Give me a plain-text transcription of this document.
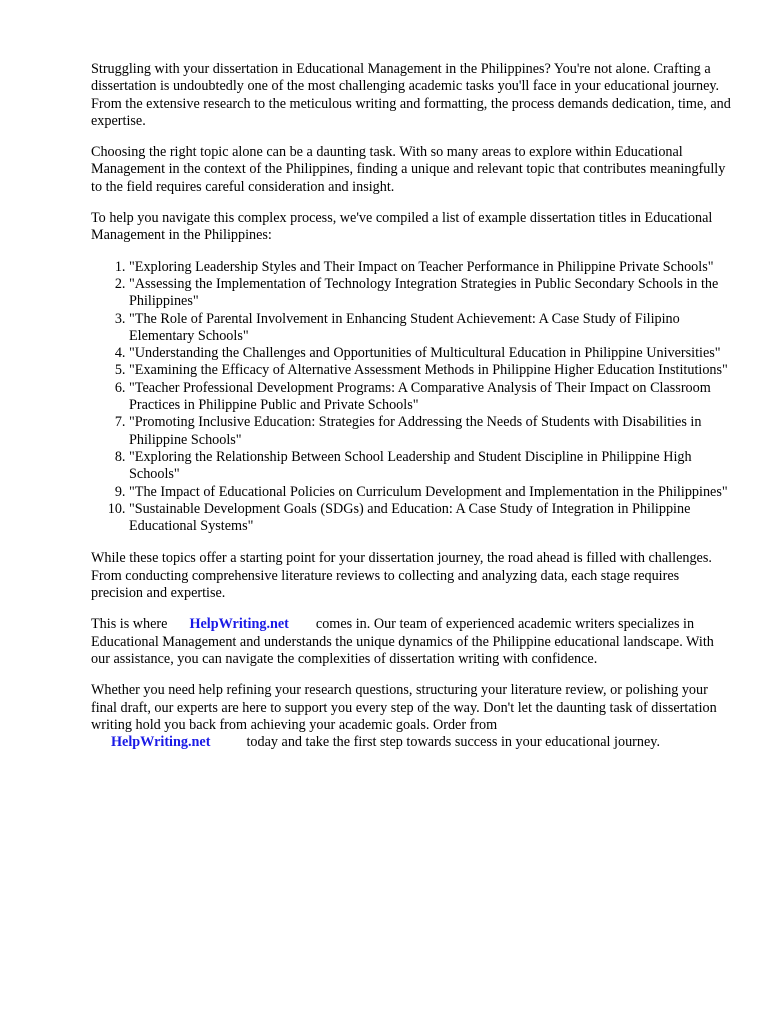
Struggling with your dissertation in Educational Management in the Philippines? You're not alone. Crafting a dissertation is undoubtedly one of the most challenging academic tasks you'll face in your educational journey. From the extensive research to the meticulous writing and formatting, the process demands dedication, time, and expertise.

Choosing the right topic alone can be a daunting task. With so many areas to explore within Educational Management in the context of the Philippines, finding a unique and relevant topic that contributes meaningfully to the field requires careful consideration and insight.

To help you navigate this complex process, we've compiled a list of example dissertation titles in Educational Management in the Philippines:

1. "Exploring Leadership Styles and Their Impact on Teacher Performance in Philippine Private Schools"
2. "Assessing the Implementation of Technology Integration Strategies in Public Secondary Schools in the Philippines"
3. "The Role of Parental Involvement in Enhancing Student Achievement: A Case Study of Filipino Elementary Schools"
4. "Understanding the Challenges and Opportunities of Multicultural Education in Philippine Universities"
5. "Examining the Efficacy of Alternative Assessment Methods in Philippine Higher Education Institutions"
6. "Teacher Professional Development Programs: A Comparative Analysis of Their Impact on Classroom Practices in Philippine Public and Private Schools"
7. "Promoting Inclusive Education: Strategies for Addressing the Needs of Students with Disabilities in Philippine Schools"
8. "Exploring the Relationship Between School Leadership and Student Discipline in Philippine High Schools"
9. "The Impact of Educational Policies on Curriculum Development and Implementation in the Philippines"
10. "Sustainable Development Goals (SDGs) and Education: A Case Study of Integration in Philippine Educational Systems"

While these topics offer a starting point for your dissertation journey, the road ahead is filled with challenges. From conducting comprehensive literature reviews to collecting and analyzing data, each stage requires precision and expertise.

This is where HelpWriting.net comes in. Our team of experienced academic writers specializes in Educational Management and understands the unique dynamics of the Philippine educational landscape. With our assistance, you can navigate the complexities of dissertation writing with confidence.

Whether you need help refining your research questions, structuring your literature review, or polishing your final draft, our experts are here to support you every step of the way. Don't let the daunting task of dissertation writing hold you back from achieving your academic goals. Order from
HelpWriting.net	today and take the first step towards success in your educational journey.
